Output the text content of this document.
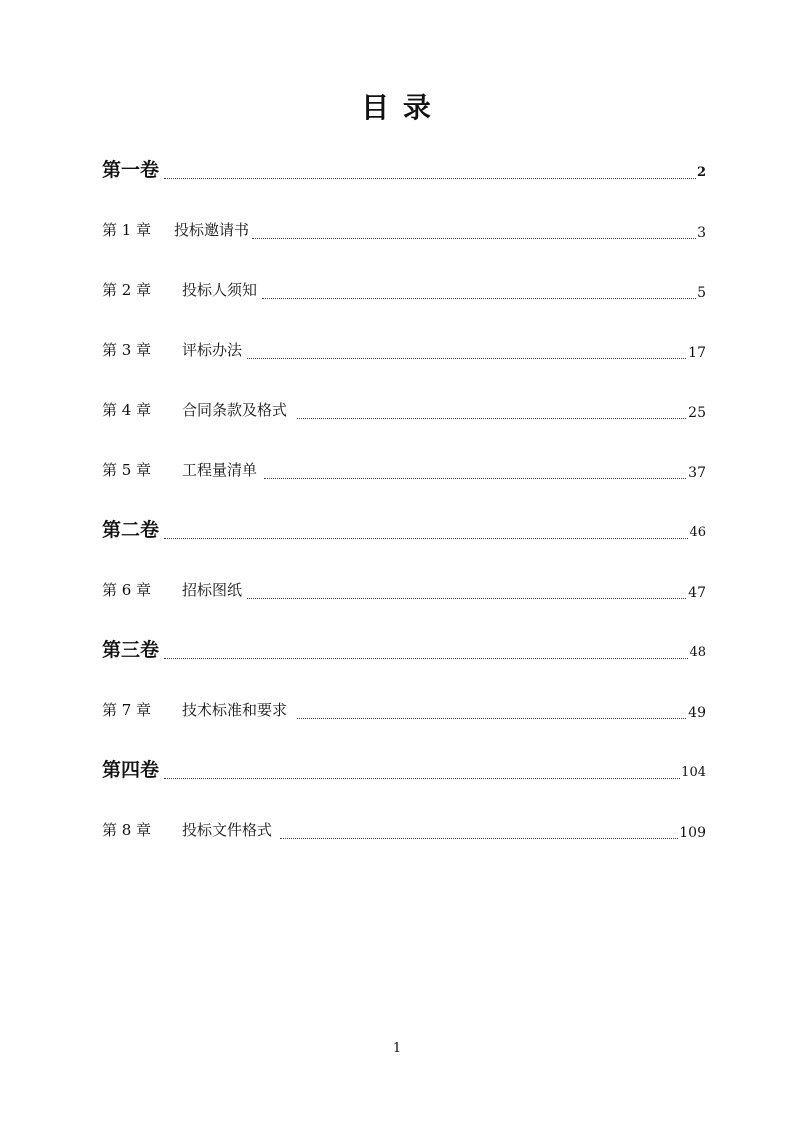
目 录
第一卷	2
第 1 章 投标邀请书	3
第 2 章 投标人须知	5
第 3 章 评标办法	17
第 4 章 合同条款及格式	25
第 5 章 工程量清单	37
第二卷	46
第 6 章 招标图纸	47
第三卷	48
第 7 章 技术标准和要求	49
第四卷	104
第 8 章 投标文件格式	109
1
